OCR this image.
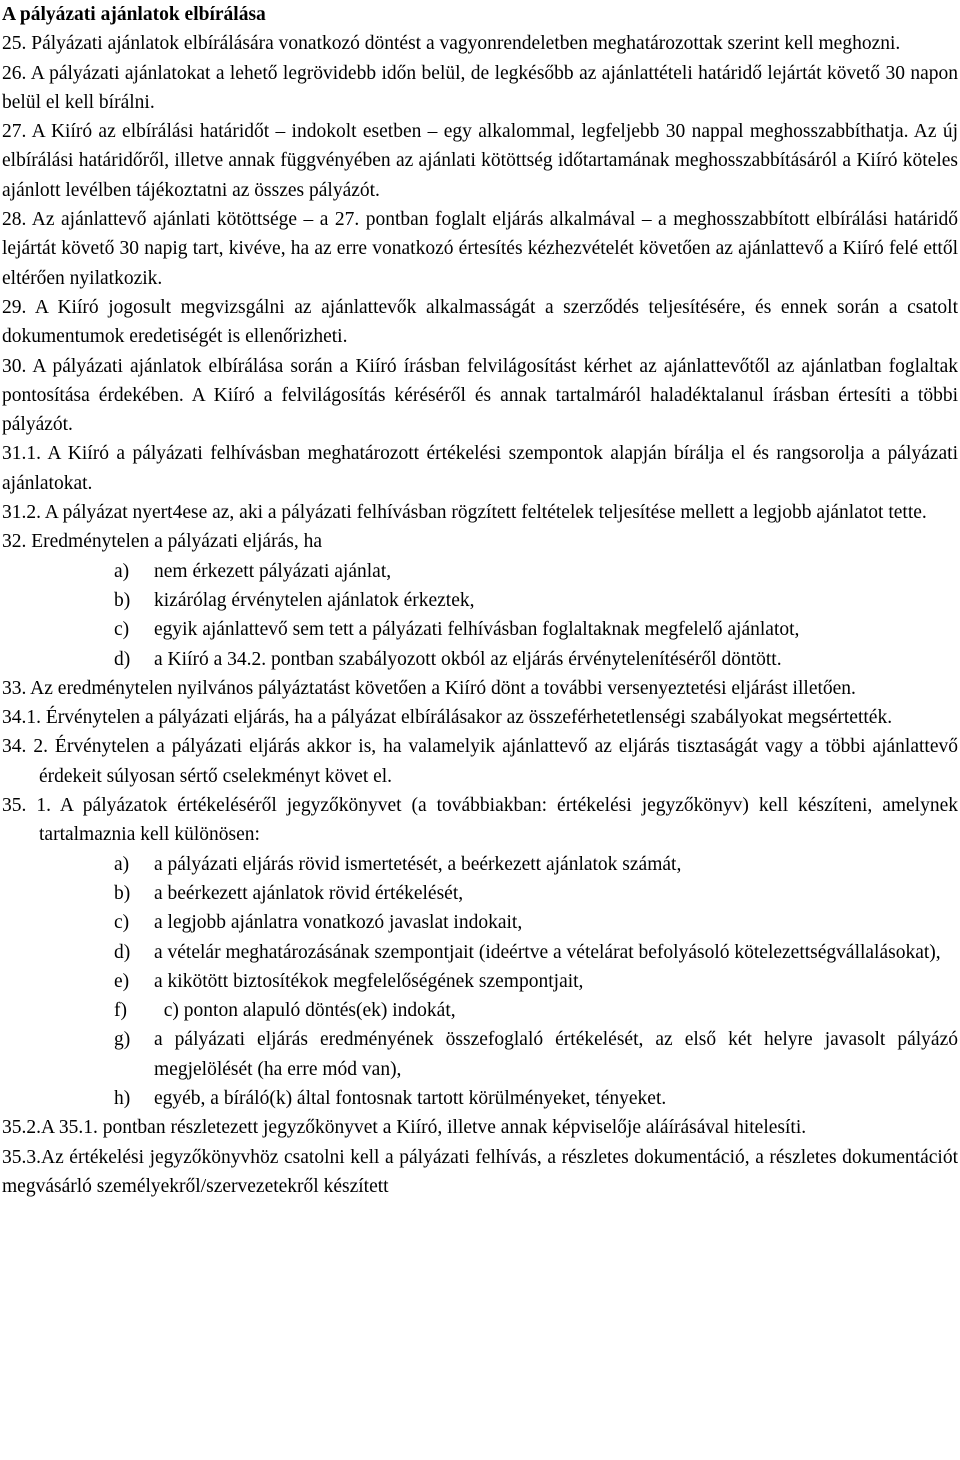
A pályázati ajánlatok elbírálása

25. Pályázati ajánlatok elbírálására vonatkozó döntést a vagyonrendeletben meghatározottak szerint kell meghozni.

26. A pályázati ajánlatokat a lehető legrövidebb időn belül, de legkésőbb az ajánlattételi határidő lejártát követő 30 napon belül el kell bírálni.

27. A Kiíró az elbírálási határidőt – indokolt esetben – egy alkalommal, legfeljebb 30 nappal meghosszabbíthatja. Az új elbírálási határidőről, illetve annak függvényében az ajánlati kötöttség időtartamának meghosszabbításáról a Kiíró köteles ajánlott levélben tájékoztatni az összes pályázót.

28. Az ajánlattevő ajánlati kötöttsége – a 27. pontban foglalt eljárás alkalmával – a meghosszabbított elbírálási határidő lejártát követő 30 napig tart, kivéve, ha az erre vonatkozó értesítés kézhezvételét követően az ajánlattevő a Kiíró felé ettől eltérően nyilatkozik.

29. A Kiíró jogosult megvizsgálni az ajánlattevők alkalmasságát a szerződés teljesítésére, és ennek során a csatolt dokumentumok eredetiségét is ellenőrizheti.

30. A pályázati ajánlatok elbírálása során a Kiíró írásban felvilágosítást kérhet az ajánlattevőtől az ajánlatban foglaltak pontosítása érdekében. A Kiíró a felvilágosítás kéréséről és annak tartalmáról haladéktalanul írásban értesíti a többi pályázót.

31.1. A Kiíró a pályázati felhívásban meghatározott értékelési szempontok alapján bírálja el és rangsorolja a pályázati ajánlatokat.

31.2. A pályázat nyert4ese az, aki a pályázati felhívásban rögzített feltételek teljesítése mellett a legjobb ajánlatot tette.

32. Eredménytelen a pályázati eljárás, ha

a)	nem érkezett pályázati ajánlat,
b)	kizárólag érvénytelen ajánlatok érkeztek,
c)	egyik ajánlattevő sem tett a pályázati felhívásban foglaltaknak megfelelő ajánlatot,
d)	a Kiíró a 34.2. pontban szabályozott okból az eljárás érvénytelenítéséről döntött.

33. Az eredménytelen nyilvános pályáztatást követően a Kiíró dönt a további versenyeztetési eljárást illetően.

34.1. Érvénytelen a pályázati eljárás, ha a pályázat elbírálásakor az összeférhetetlenségi szabályokat megsértették.

34. 2. Érvénytelen a pályázati eljárás akkor is, ha valamelyik ajánlattevő az eljárás tisztaságát vagy a többi ajánlattevő érdekeit súlyosan sértő cselekményt követ el.

35. 1. A pályázatok értékeléséről jegyzőkönyvet (a továbbiakban: értékelési jegyzőkönyv) kell készíteni, amelynek tartalmaznia kell különösen:

a)	a pályázati eljárás rövid ismertetését, a beérkezett ajánlatok számát,
b)	a beérkezett ajánlatok rövid értékelését,
c)	a legjobb ajánlatra vonatkozó javaslat indokait,
d)	a vételár meghatározásának szempontjait (ideértve a vételárat befolyásoló kötelezettségvállalásokat),
e)	a kikötött biztosítékok megfelelőségének szempontjait,
f)	c) ponton alapuló döntés(ek) indokát,
g)	a pályázati eljárás eredményének összefoglaló értékelését, az első két helyre javasolt pályázó megjelölését (ha erre mód van),
h)	egyéb, a bíráló(k) által fontosnak tartott körülményeket, tényeket.

35.2.A 35.1. pontban részletezett jegyzőkönyvet a Kiíró, illetve annak képviselője aláírásával hitelesíti.

35.3.Az értékelési jegyzőkönyvhöz csatolni kell a pályázati felhívás, a részletes dokumentáció, a részletes dokumentációt megvásárló személyekről/szervezetekről készített
